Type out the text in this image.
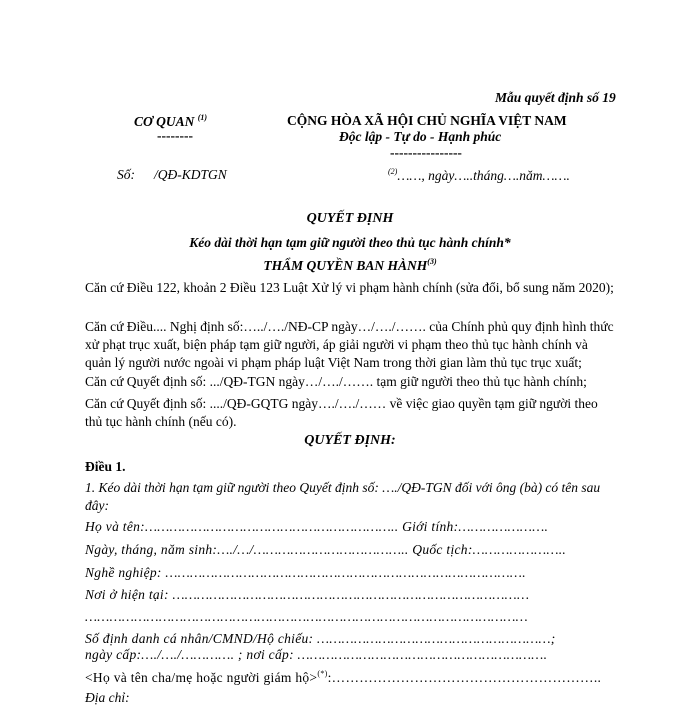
Mẫu quyết định số 19
CƠ QUAN $^{(1)}$
--------
CỘNG HÒA XÃ HỘI CHỦ NGHĨA VIỆT NAM
Độc lập - Tự do - Hạnh phúc
----------------
Số: /QĐ-KDTGN	$^{(2)}$……, ngày…..tháng….năm…….
QUYẾT ĐỊNH
Kéo dài thời hạn tạm giữ người theo thủ tục hành chính*
THẨM QUYỀN BAN HÀNH$^{(3)}$
Căn cứ Điều 122, khoản 2 Điều 123 Luật Xử lý vi phạm hành chính (sửa đổi, bổ sung năm 2020);
Căn cứ Điều.... Nghị định số:…../…./NĐ-CP ngày…/…./……. của Chính phủ quy định hình thức xử phạt trục xuất, biện pháp tạm giữ người, áp giải người vi phạm theo thủ tục hành chính và quản lý người nước ngoài vi phạm pháp luật Việt Nam trong thời gian làm thủ tục trục xuất;
Căn cứ Quyết định số: .../QĐ-TGN ngày…/…./……. tạm giữ người theo thủ tục hành chính;
Căn cứ Quyết định số: ..../QĐ-GQTG ngày…./…./…… về việc giao quyền tạm giữ người theo thủ tục hành chính (nếu có).
QUYẾT ĐỊNH:
Điều 1.
1. Kéo dài thời hạn tạm giữ người theo Quyết định số: …./QĐ-TGN đối với ông (bà) có tên sau đây:
Họ và tên:…………………………………………………….. Giới tính:………………….
Ngày, tháng, năm sinh:…./…/……………………………….. Quốc tịch:…………………..
Nghề nghiệp: …………………………………………………………………………….
Nơi ở hiện tại: ……………………………………………………………………………
………………………………………………………………………………………………
Số định danh cá nhân/CMND/Hộ chiếu: …………………………………………………;
ngày cấp:…./…./…………. ; nơi cấp: …………………………………………………….
<Họ và tên cha/mẹ hoặc người giám hộ>(*):…………………………………………………..
Địa chỉ:
